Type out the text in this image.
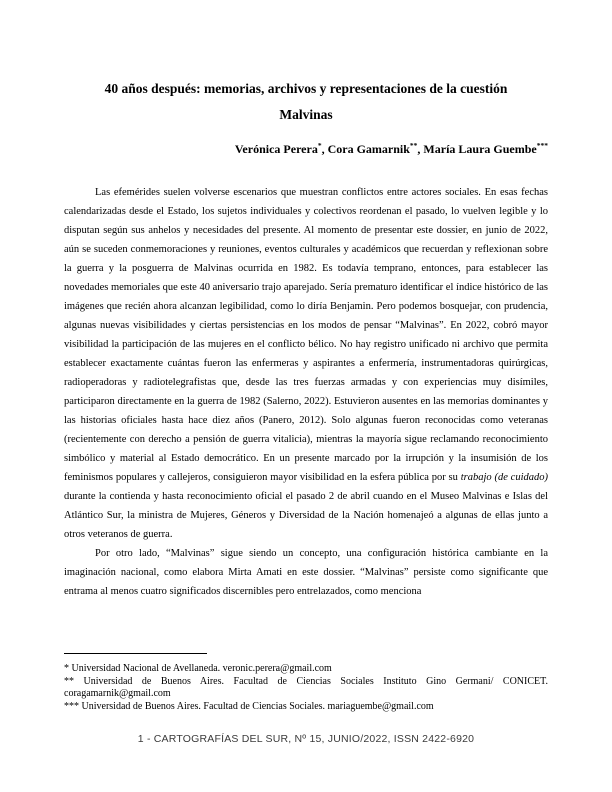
40 años después: memorias, archivos y representaciones de la cuestión
Malvinas
Verónica Perera*, Cora Gamarnik**, María Laura Guembe***

Las efemérides suelen volverse escenarios que muestran conflictos entre actores sociales. En esas fechas calendarizadas desde el Estado, los sujetos individuales y colectivos reordenan el pasado, lo vuelven legible y lo disputan según sus anhelos y necesidades del presente. Al momento de presentar este dossier, en junio de 2022, aún se suceden conmemoraciones y reuniones, eventos culturales y académicos que recuerdan y reflexionan sobre la guerra y la posguerra de Malvinas ocurrida en 1982. Es todavía temprano, entonces, para establecer las novedades memoriales que este 40 aniversario trajo aparejado. Sería prematuro identificar el índice histórico de las imágenes que recién ahora alcanzan legibilidad, como lo diría Benjamin. Pero podemos bosquejar, con prudencia, algunas nuevas visibilidades y ciertas persistencias en los modos de pensar “Malvinas”. En 2022, cobró mayor visibilidad la participación de las mujeres en el conflicto bélico. No hay registro unificado ni archivo que permita establecer exactamente cuántas fueron las enfermeras y aspirantes a enfermería, instrumentadoras quirúrgicas, radioperadoras y radiotelegrafistas que, desde las tres fuerzas armadas y con experiencias muy disímiles, participaron directamente en la guerra de 1982 (Salerno, 2022). Estuvieron ausentes en las memorias dominantes y las historias oficiales hasta hace diez años (Panero, 2012). Solo algunas fueron reconocidas como veteranas (recientemente con derecho a pensión de guerra vitalicia), mientras la mayoría sigue reclamando reconocimiento simbólico y material al Estado democrático. En un presente marcado por la irrupción y la insumisión de los feminismos populares y callejeros, consiguieron mayor visibilidad en la esfera pública por su trabajo (de cuidado) durante la contienda y hasta reconocimiento oficial el pasado 2 de abril cuando en el Museo Malvinas e Islas del Atlántico Sur, la ministra de Mujeres, Géneros y Diversidad de la Nación homenajeó a algunas de ellas junto a otros veteranos de guerra.

Por otro lado, “Malvinas” sigue siendo un concepto, una configuración histórica cambiante en la imaginación nacional, como elabora Mirta Amati en este dossier. “Malvinas” persiste como significante que entrama al menos cuatro significados discernibles pero entrelazados, como menciona

* Universidad Nacional de Avellaneda. veronic.perera@gmail.com
** Universidad de Buenos Aires. Facultad de Ciencias Sociales Instituto Gino Germani/ CONICET. coragamarnik@gmail.com
*** Universidad de Buenos Aires. Facultad de Ciencias Sociales. mariaguembe@gmail.com
1 - CARTOGRAFÍAS DEL SUR, Nº 15, JUNIO/2022, ISSN 2422-6920
